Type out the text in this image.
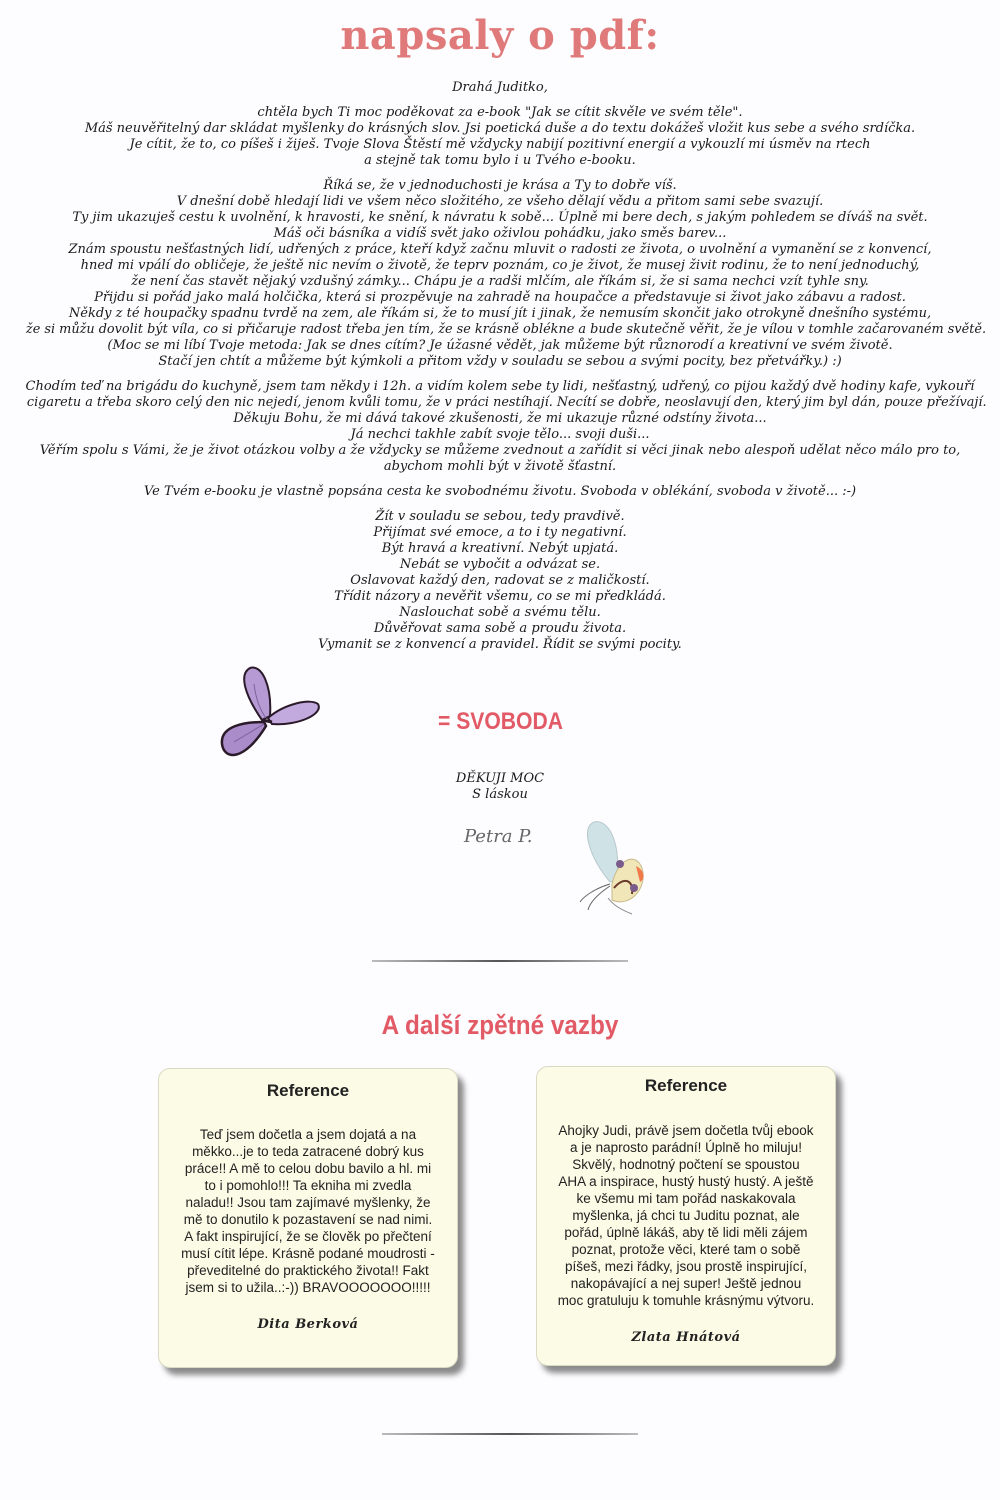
napsaly o pdf:
Drahá Juditko,
chtěla bych Ti moc poděkovat za e-book "Jak se cítit skvěle ve svém těle".
Máš neuvěřitelný dar skládat myšlenky do krásných slov. Jsi poetická duše a do textu dokážeš vložit kus sebe a svého srdíčka.
Je cítit, že to, co píšeš i žiješ. Tvoje Slova Štěstí mě vždycky nabijí pozitivní energií a vykouzlí mi úsměv na rtech
a stejně tak tomu bylo i u Tvého e-booku.
Říká se, že v jednoduchosti je krása a Ty to dobře víš.
V dnešní době hledají lidi ve všem něco složitého, ze všeho dělají vědu a přitom sami sebe svazují.
Ty jim ukazuješ cestu k uvolnění, k hravosti, ke snění, k návratu k sobě... Úplně mi bere dech, s jakým pohledem se díváš na svět.
Máš oči básníka a vidíš svět jako oživlou pohádku, jako směs barev...
Znám spoustu nešťastných lidí, udřených z práce, kteří když začnu mluvit o radosti ze života, o uvolnění a vymanění se z konvencí,
hned mi vpálí do obličeje, že ještě nic nevím o životě, že teprv poznám, co je život, že musej živit rodinu, že to není jednoduchý,
že není čas stavět nějaký vzdušný zámky... Chápu je a radši mlčím, ale říkám si, že si sama nechci vzít tyhle sny.
Přijdu si pořád jako malá holčička, která si prozpěvuje na zahradě na houpačce a představuje si život jako zábavu a radost.
Někdy z té houpačky spadnu tvrdě na zem, ale říkám si, že to musí jít i jinak, že nemusím skončit jako otrokyně dnešního systému,
že si můžu dovolit být víla, co si přičaruje radost třeba jen tím, že se krásně oblékne a bude skutečně věřit, že je vílou v tomhle začarovaném světě.
(Moc se mi líbí Tvoje metoda: Jak se dnes cítím? Je úžasné vědět, jak můžeme být různorodí a kreativní ve svém životě.
Stačí jen chtít a můžeme být kýmkoli a přitom vždy v souladu se sebou a svými pocity, bez přetvářky.) :)
Chodím teď na brigádu do kuchyně, jsem tam někdy i 12h. a vidím kolem sebe ty lidi, nešťastný, udřený, co pijou každý dvě hodiny kafe, vykouří
cigaretu a třeba skoro celý den nic nejedí, jenom kvůli tomu, že v práci nestíhají. Necítí se dobře, neoslavují den, který jim byl dán, pouze přežívají.
Děkuju Bohu, že mi dává takové zkušenosti, že mi ukazuje různé odstíny života...
Já nechci takhle zabít svoje tělo... svoji duši...
Věřím spolu s Vámi, že je život otázkou volby a že vždycky se můžeme zvednout a zařídit si věci jinak nebo alespoň udělat něco málo pro to,
abychom mohli být v životě šťastní.
Ve Tvém e-booku je vlastně popsána cesta ke svobodnému životu. Svoboda v oblékání, svoboda v životě... :-)
Žít v souladu se sebou, tedy pravdivě.
Přijímat své emoce, a to i ty negativní.
Být hravá a kreativní. Nebýt upjatá.
Nebát se vybočit a odvázat se.
Oslavovat každý den, radovat se z maličkostí.
Třídit názory a nevěřit všemu, co se mi předkládá.
Naslouchat sobě a svému tělu.
Důvěřovat sama sobě a proudu života.
Vymanit se z konvencí a pravidel. Řídit se svými pocity.
= SVOBODA
DĚKUJI MOC
S láskou
Petra P.
A další zpětné vazby
Reference
Teď jsem dočetla a jsem dojatá a na měkko...je to teda zatracené dobrý kus práce!! A mě to celou dobu bavilo a hl. mi to i pomohlo!!! Ta eknihа mi zvedla naladu!! Jsou tam zajímavé myšlenky, že mě to donutilo k pozastavení se nad nimi. A fakt inspirující, že se člověk po přečtení musí cítit lépe. Krásně podané moudrosti - převeditelné do praktického života!! Fakt jsem si to užila..:-)) BRAVOOOOOOO!!!!!
Dita Berková
Reference
Ahojky Judi, právě jsem dočetla tvůj ebook a je naprosto parádní! Úplně ho miluju! Skvělý, hodnotný počtení se spoustou AHA a inspirace, hustý hustý hustý. A ještě ke všemu mi tam pořád naskakovala myšlenka, já chci tu Juditu poznat, ale pořád, úplně lákáš, aby tě lidi měli zájem poznat, protože věci, které tam o sobě píšeš, mezi řádky, jsou prostě inspirující, nakopávající a nej super! Ještě jednou moc gratuluju k tomuhle krásnýmu výtvoru.
Zlata Hnátová
